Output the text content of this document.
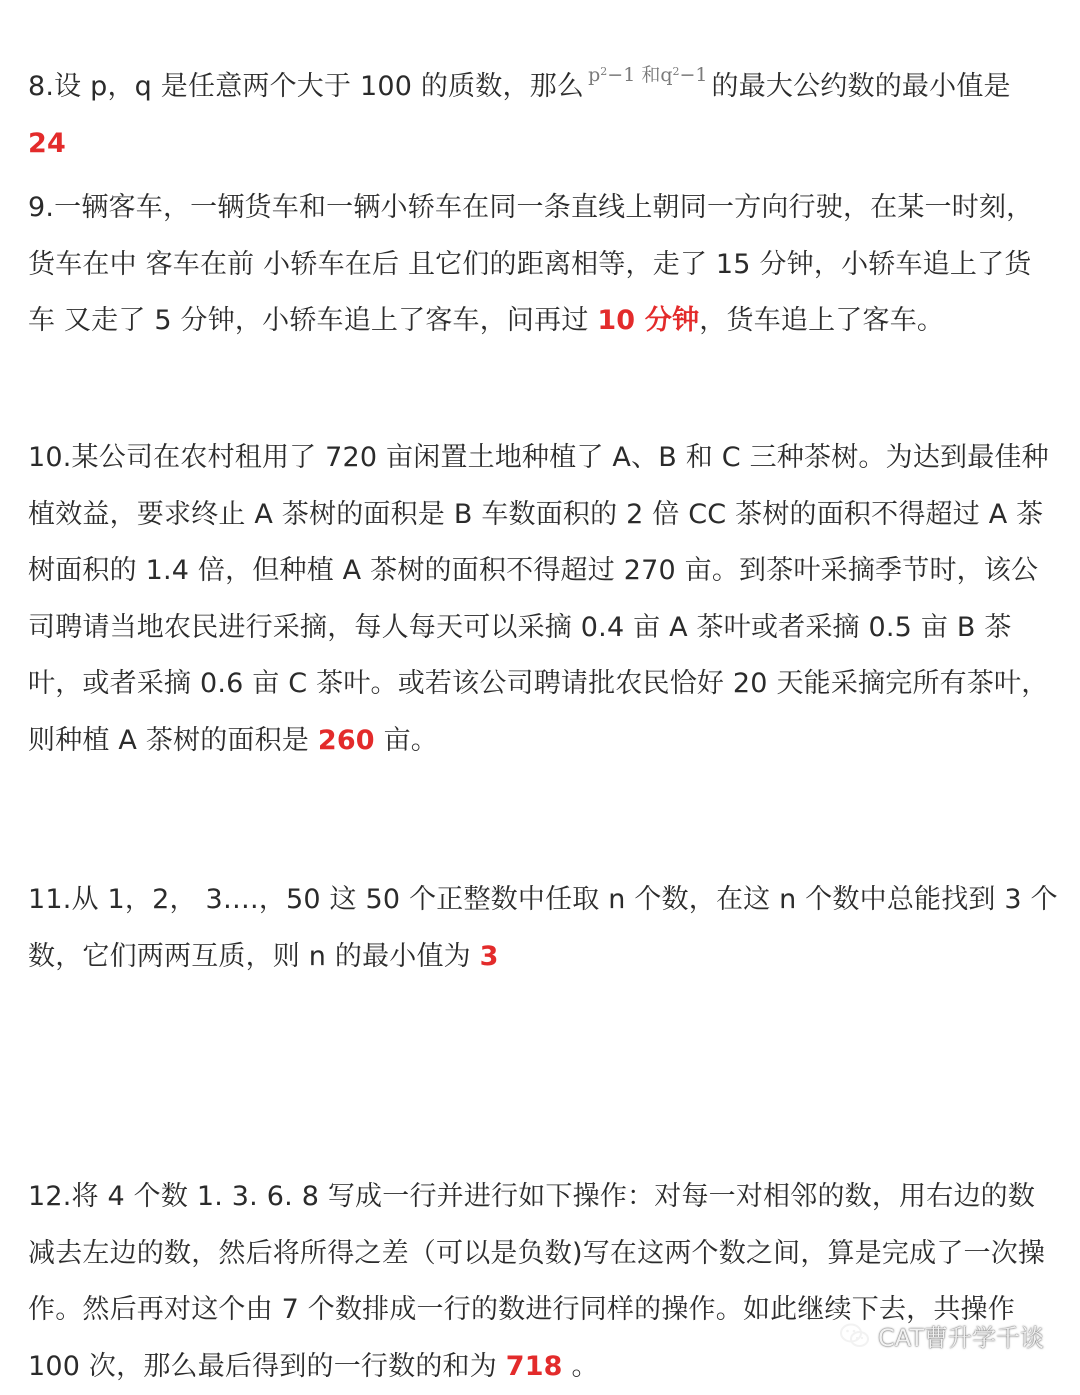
8.设 p，q 是任意两个大于 100 的质数，那么 $^{p^2-1 和q^2-1}$ 的最大公约数的最小值是
24

9.一辆客车，一辆货车和一辆小轿车在同一条直线上朝同一方向行驶，在某一时刻，货车在中 客车在前 小轿车在后 且它们的距离相等，走了 15 分钟，小轿车追上了货车 又走了 5 分钟，小轿车追上了客车，问再过 10 分钟，货车追上了客车。

10.某公司在农村租用了 720 亩闲置土地种植了 A、B 和 C 三种茶树。为达到最佳种植效益，要求终止 A 茶树的面积是 B 车数面积的 2 倍 CC 茶树的面积不得超过 A 茶树面积的 1.4 倍，但种植 A 茶树的面积不得超过 270 亩。到茶叶采摘季节时，该公司聘请当地农民进行采摘，每人每天可以采摘 0.4 亩 A 茶叶或者采摘 0.5 亩 B 茶叶，或者采摘 0.6 亩 C 茶叶。或若该公司聘请批农民恰好 20 天能采摘完所有茶叶，则种植 A 茶树的面积是 260 亩。

11.从 1，2， 3….，50 这 50 个正整数中任取 n 个数，在这 n 个数中总能找到 3 个数，它们两两互质，则 n 的最小值为 3

12.将 4 个数 1. 3. 6. 8 写成一行并进行如下操作：对每一对相邻的数，用右边的数减去左边的数，然后将所得之差（可以是负数)写在这两个数之间，算是完成了一次操作。然后再对这个由 7 个数排成一行的数进行同样的操作。如此继续下去，共操作 100 次，那么最后得到的一行数的和为 718 。

CAT曹升学千谈
